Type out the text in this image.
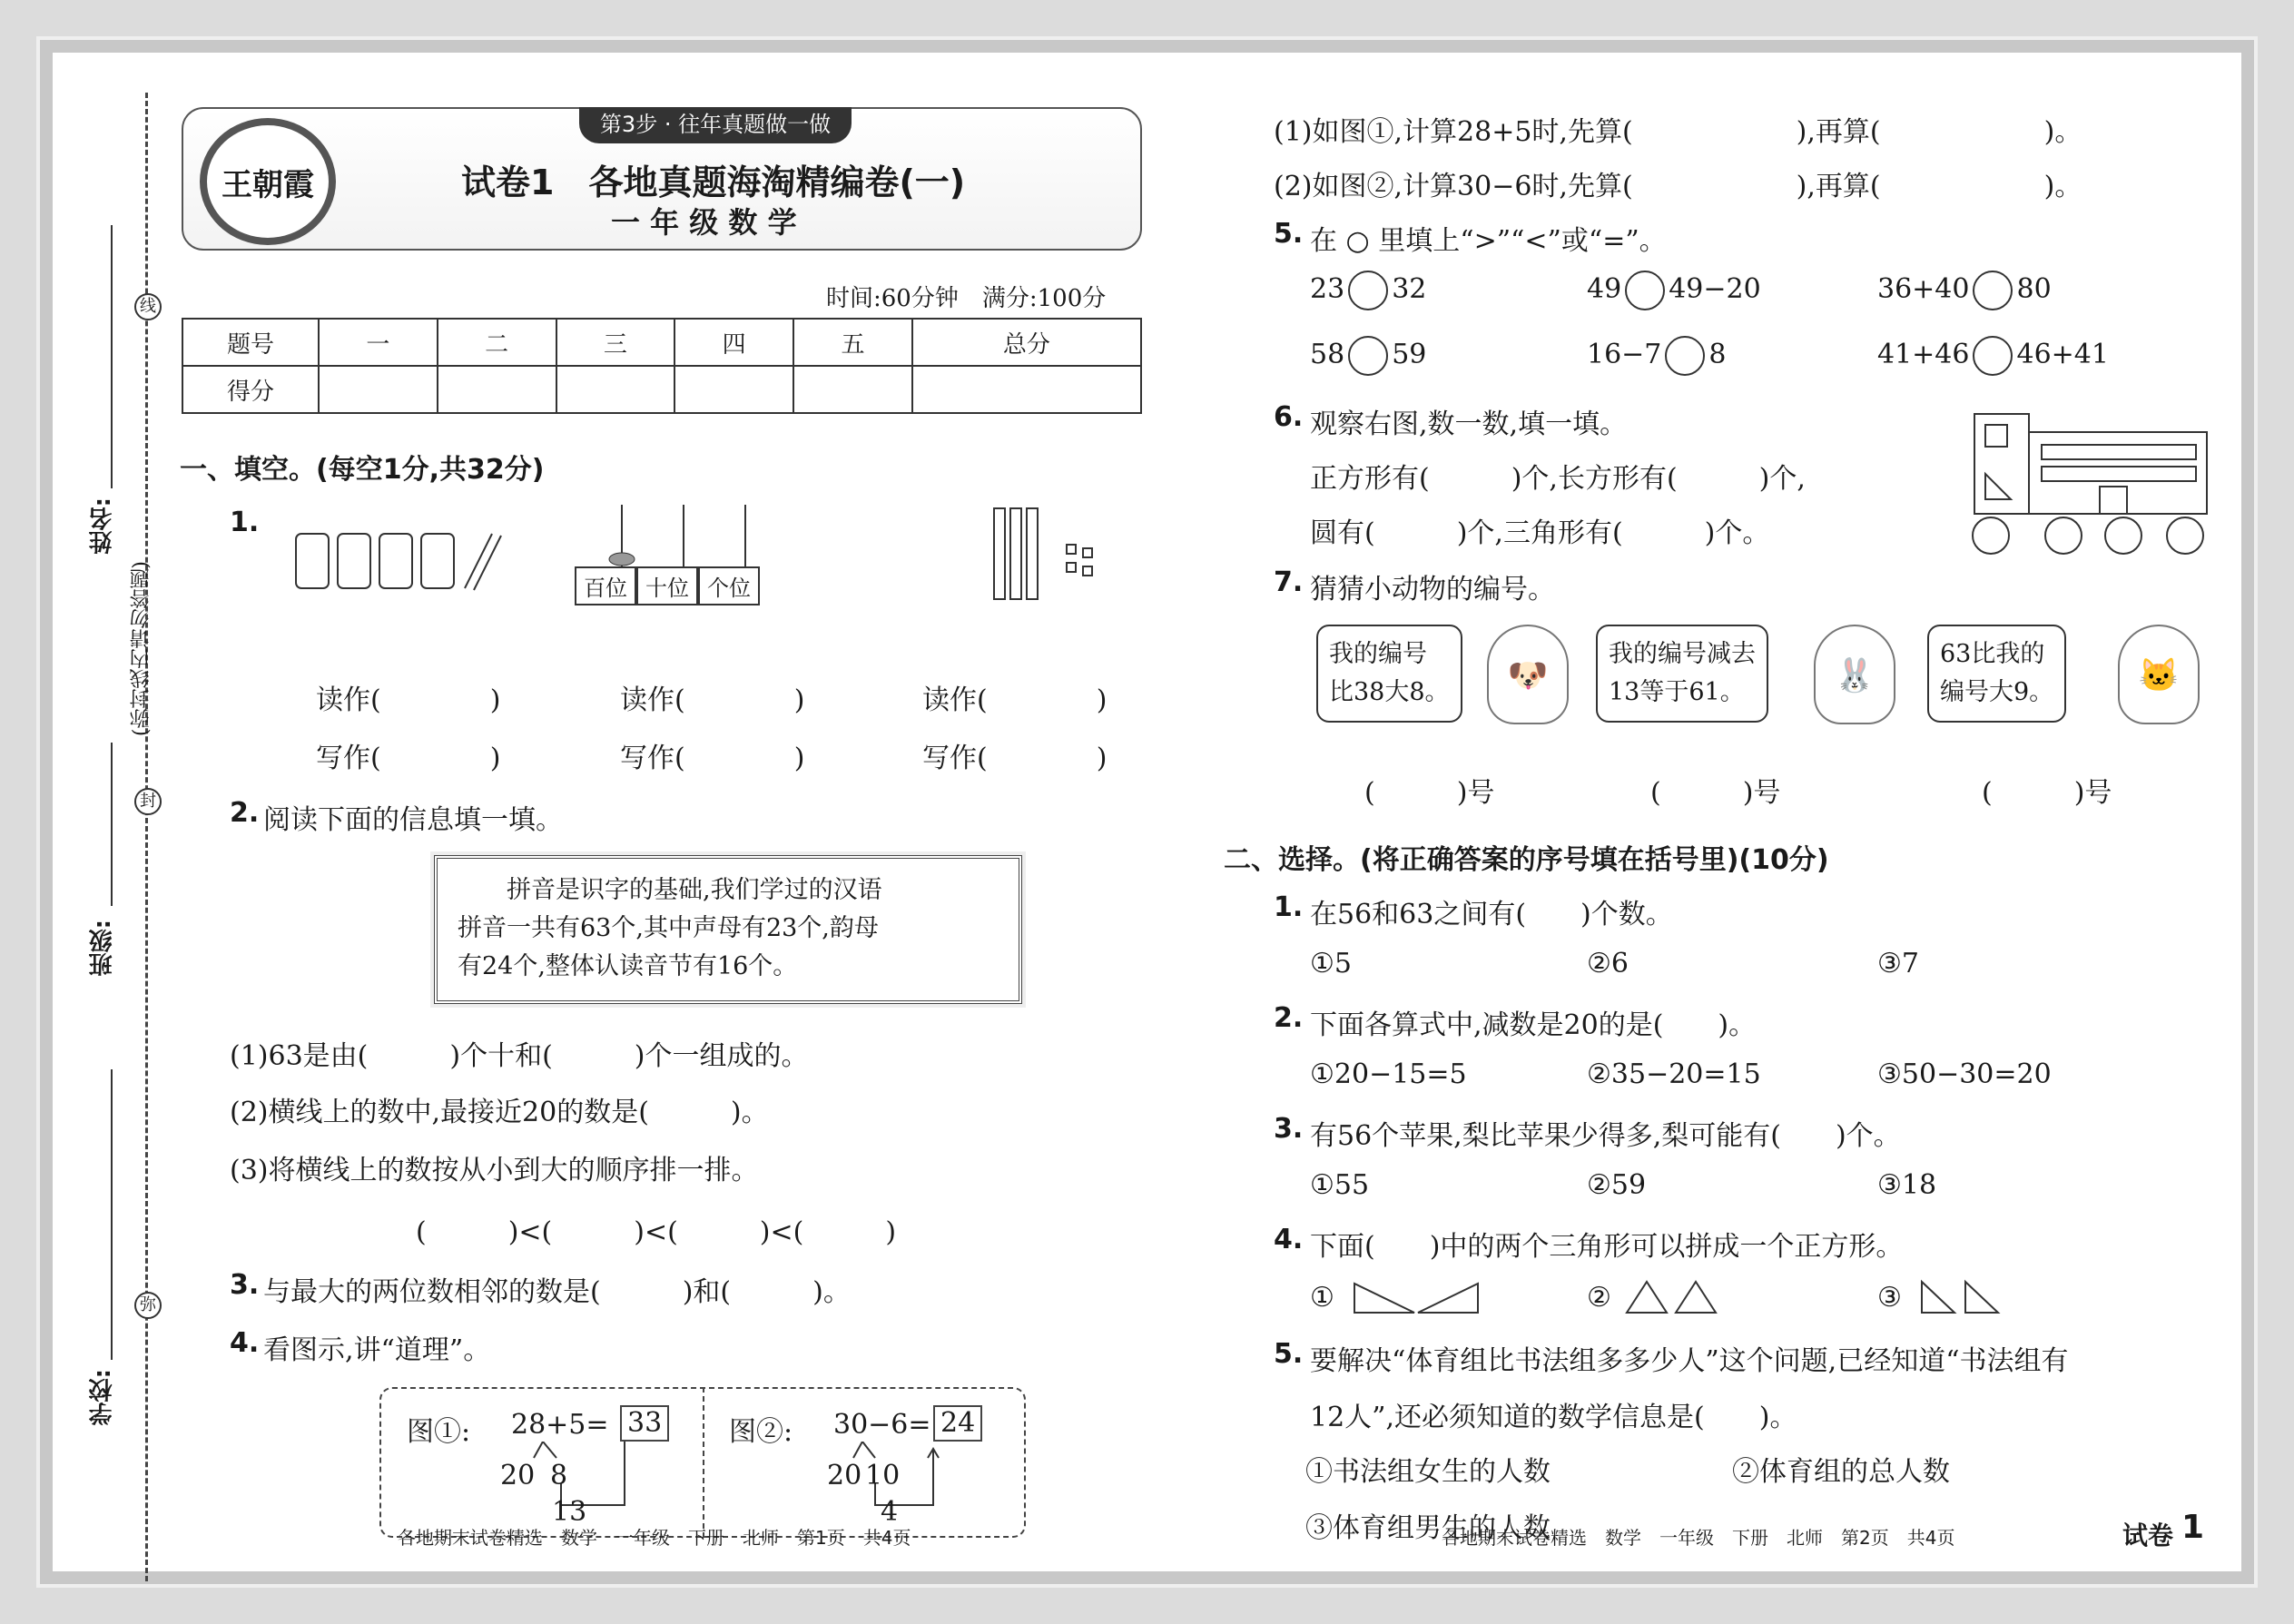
线
封
弥
(弥封线内请勿答题)
姓名:
班级:
学校:
第3步 · 往年真题做一做
王朝霞	试卷1　各地真题海淘精编卷(一)
一 年 级 数 学
时间:60分钟　满分:100分
题号	一	二	三	四	五	总分
得分						
一、填空。(每空1分,共32分)
1.
百位 十位 个位
读作(　　　　)	读作(　　　　)	读作(　　　　)
写作(　　　　)	写作(　　　　)	写作(　　　　)
2. 阅读下面的信息填一填。
拼音是识字的基础,我们学过的汉语
拼音一共有63个,其中声母有23个,韵母
有24个,整体认读音节有16个。
(1)63是由(　　　)个十和(　　　)个一组成的。
(2)横线上的数中,最接近20的数是(　　　)。
(3)将横线上的数按从小到大的顺序排一排。
(　　　)<(　　　)<(　　　)<(　　　)
3. 与最大的两位数相邻的数是(　　　)和(　　　)。
4. 看图示,讲“道理”。
图①: 28+5= 33
20 8
13
图②: 30−6= 24
20 10
4
各地期末试卷精选　数学　一年级　下册　北师　第1页　共4页
(1)如图①,计算28+5时,先算(　　　　　　),再算(　　　　　　)。
(2)如图②,计算30−6时,先算(　　　　　　),再算(　　　　　　)。
5. 在 ○ 里填上“>”“<”或“=”。
23 32	49 49−20	36+40 80
58 59	16−7 8	41+46 46+41
6. 观察右图,数一数,填一填。
正方形有(　　　)个,长方形有(　　　)个,
圆有(　　　)个,三角形有(　　　)个。
7. 猜猜小动物的编号。
我的编号
比38大8。	🐶
我的编号减去
13等于61。	🐰
63比我的
编号大9。	🐱
(　　　)号	(　　　)号	(　　　)号
二、选择。(将正确答案的序号填在括号里)(10分)
1. 在56和63之间有(　　)个数。
①5	②6	③7
2. 下面各算式中,减数是20的是(　　)。
①20−15=5	②35−20=15	③50−30=20
3. 有56个苹果,梨比苹果少得多,梨可能有(　　)个。
①55	②59	③18
4. 下面(　　)中的两个三角形可以拼成一个正方形。
①	②	③
5. 要解决“体育组比书法组多多少人”这个问题,已经知道“书法组有
12人”,还必须知道的数学信息是(　　)。
①书法组女生的人数	②体育组的总人数
③体育组男生的人数
各地期末试卷精选　数学　一年级　下册　北师　第2页　共4页	试卷 1
